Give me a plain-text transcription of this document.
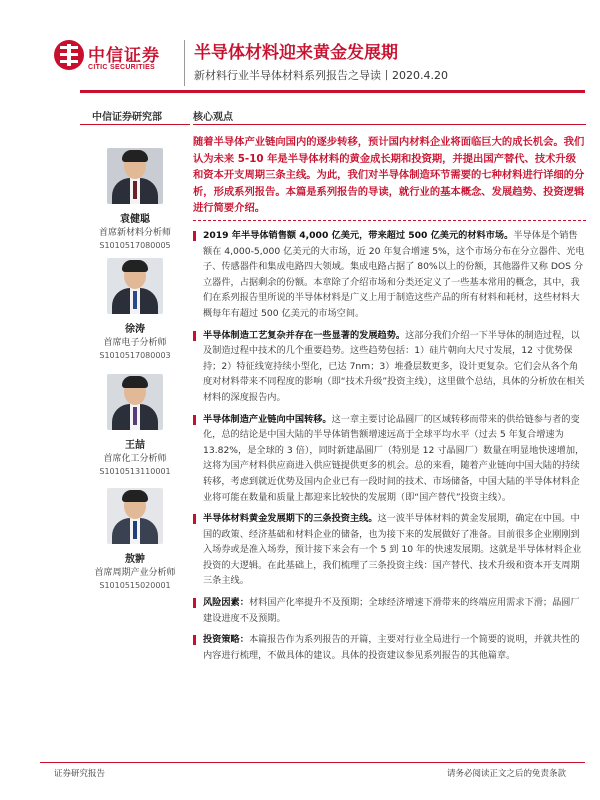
中信证券
CITIC SECURITIES
半导体材料迎来黄金发展期
新材料行业半导体材料系列报告之导读丨2020.4.20
中信证券研究部	核心观点
袁健聪
首席新材料分析师
S1010517080005
徐涛
首席电子分析师
S1010517080003
王喆
首席化工分析师
S1010513110001
敖翀
首席周期产业分析师
S1010515020001
随着半导体产业链向国内的逐步转移，预计国内材料企业将面临巨大的成长机会。我们认为未来 5-10 年是半导体材料的黄金成长期和投资期，并提出国产替代、技术升级和资本开支周期三条主线。为此，我们对半导体制造环节需要的七种材料进行详细的分析，形成系列报告。本篇是系列报告的导读，就行业的基本概念、发展趋势、投资逻辑进行简要介绍。
2019 年半导体销售额 4,000 亿美元，带来超过 500 亿美元的材料市场。半导体是个销售额在 4,000-5,000 亿美元的大市场，近 20 年复合增速 5%，这个市场分布在分立器件、光电子、传感器件和集成电路四大领域。集成电路占据了 80%以上的份额，其他器件又称 DOS 分立器件，占据剩余的份额。本章除了介绍市场和分类还定义了一些基本常用的概念，其中，我们在系列报告里所说的半导体材料是广义上用于制造这些产品的所有材料和耗材，这些材料大概每年有超过 500 亿美元的市场空间。
半导体制造工艺复杂并存在一些显著的发展趋势。这部分我们介绍一下半导体的制造过程，以及制造过程中技术的几个重要趋势。这些趋势包括：1）硅片朝向大尺寸发展，12 寸优势保持；2）特征线宽持续小型化，已达 7nm；3）堆叠层数更多，设计更复杂。它们会从各个角度对材料带来不同程度的影响（即“技术升级”投资主线），这里做个总结，具体的分析放在相关材料的深度报告内。
半导体制造产业链向中国转移。这一章主要讨论晶圆厂的区域转移而带来的供给链参与者的变化，总的结论是中国大陆的半导体销售额增速远高于全球平均水平（过去 5 年复合增速为 13.82%，是全球的 3 倍），同时新建晶圆厂（特别是 12 寸晶圆厂）数量在明显地快速增加，这将为国产材料供应商进入供应链提供更多的机会。总的来看，随着产业链向中国大陆的持续转移，考虑到就近优势及国内企业已有一段时间的技术、市场储备，中国大陆的半导体材料企业将可能在数量和质量上都迎来比较快的发展期（即“国产替代”投资主线）。
半导体材料黄金发展期下的三条投资主线。这一波半导体材料的黄金发展期，确定在中国。中国的政策、经济基础和材料企业的储备，也为接下来的发展做好了准备。目前很多企业刚刚到入场券或是准入场券，预计接下来会有一个 5 到 10 年的快速发展期。这就是半导体材料企业投资的大逻辑。在此基础上，我们梳理了三条投资主线：国产替代、技术升级和资本开支周期三条主线。
风险因素：材料国产化率提升不及预期；全球经济增速下滑带来的终端应用需求下滑；晶圆厂建设进度不及预期。
投资策略：本篇报告作为系列报告的开篇，主要对行业全局进行一个简要的说明，并就共性的内容进行梳理，不做具体的建议。具体的投资建议参见系列报告的其他篇章。
证券研究报告	请务必阅读正文之后的免责条款
